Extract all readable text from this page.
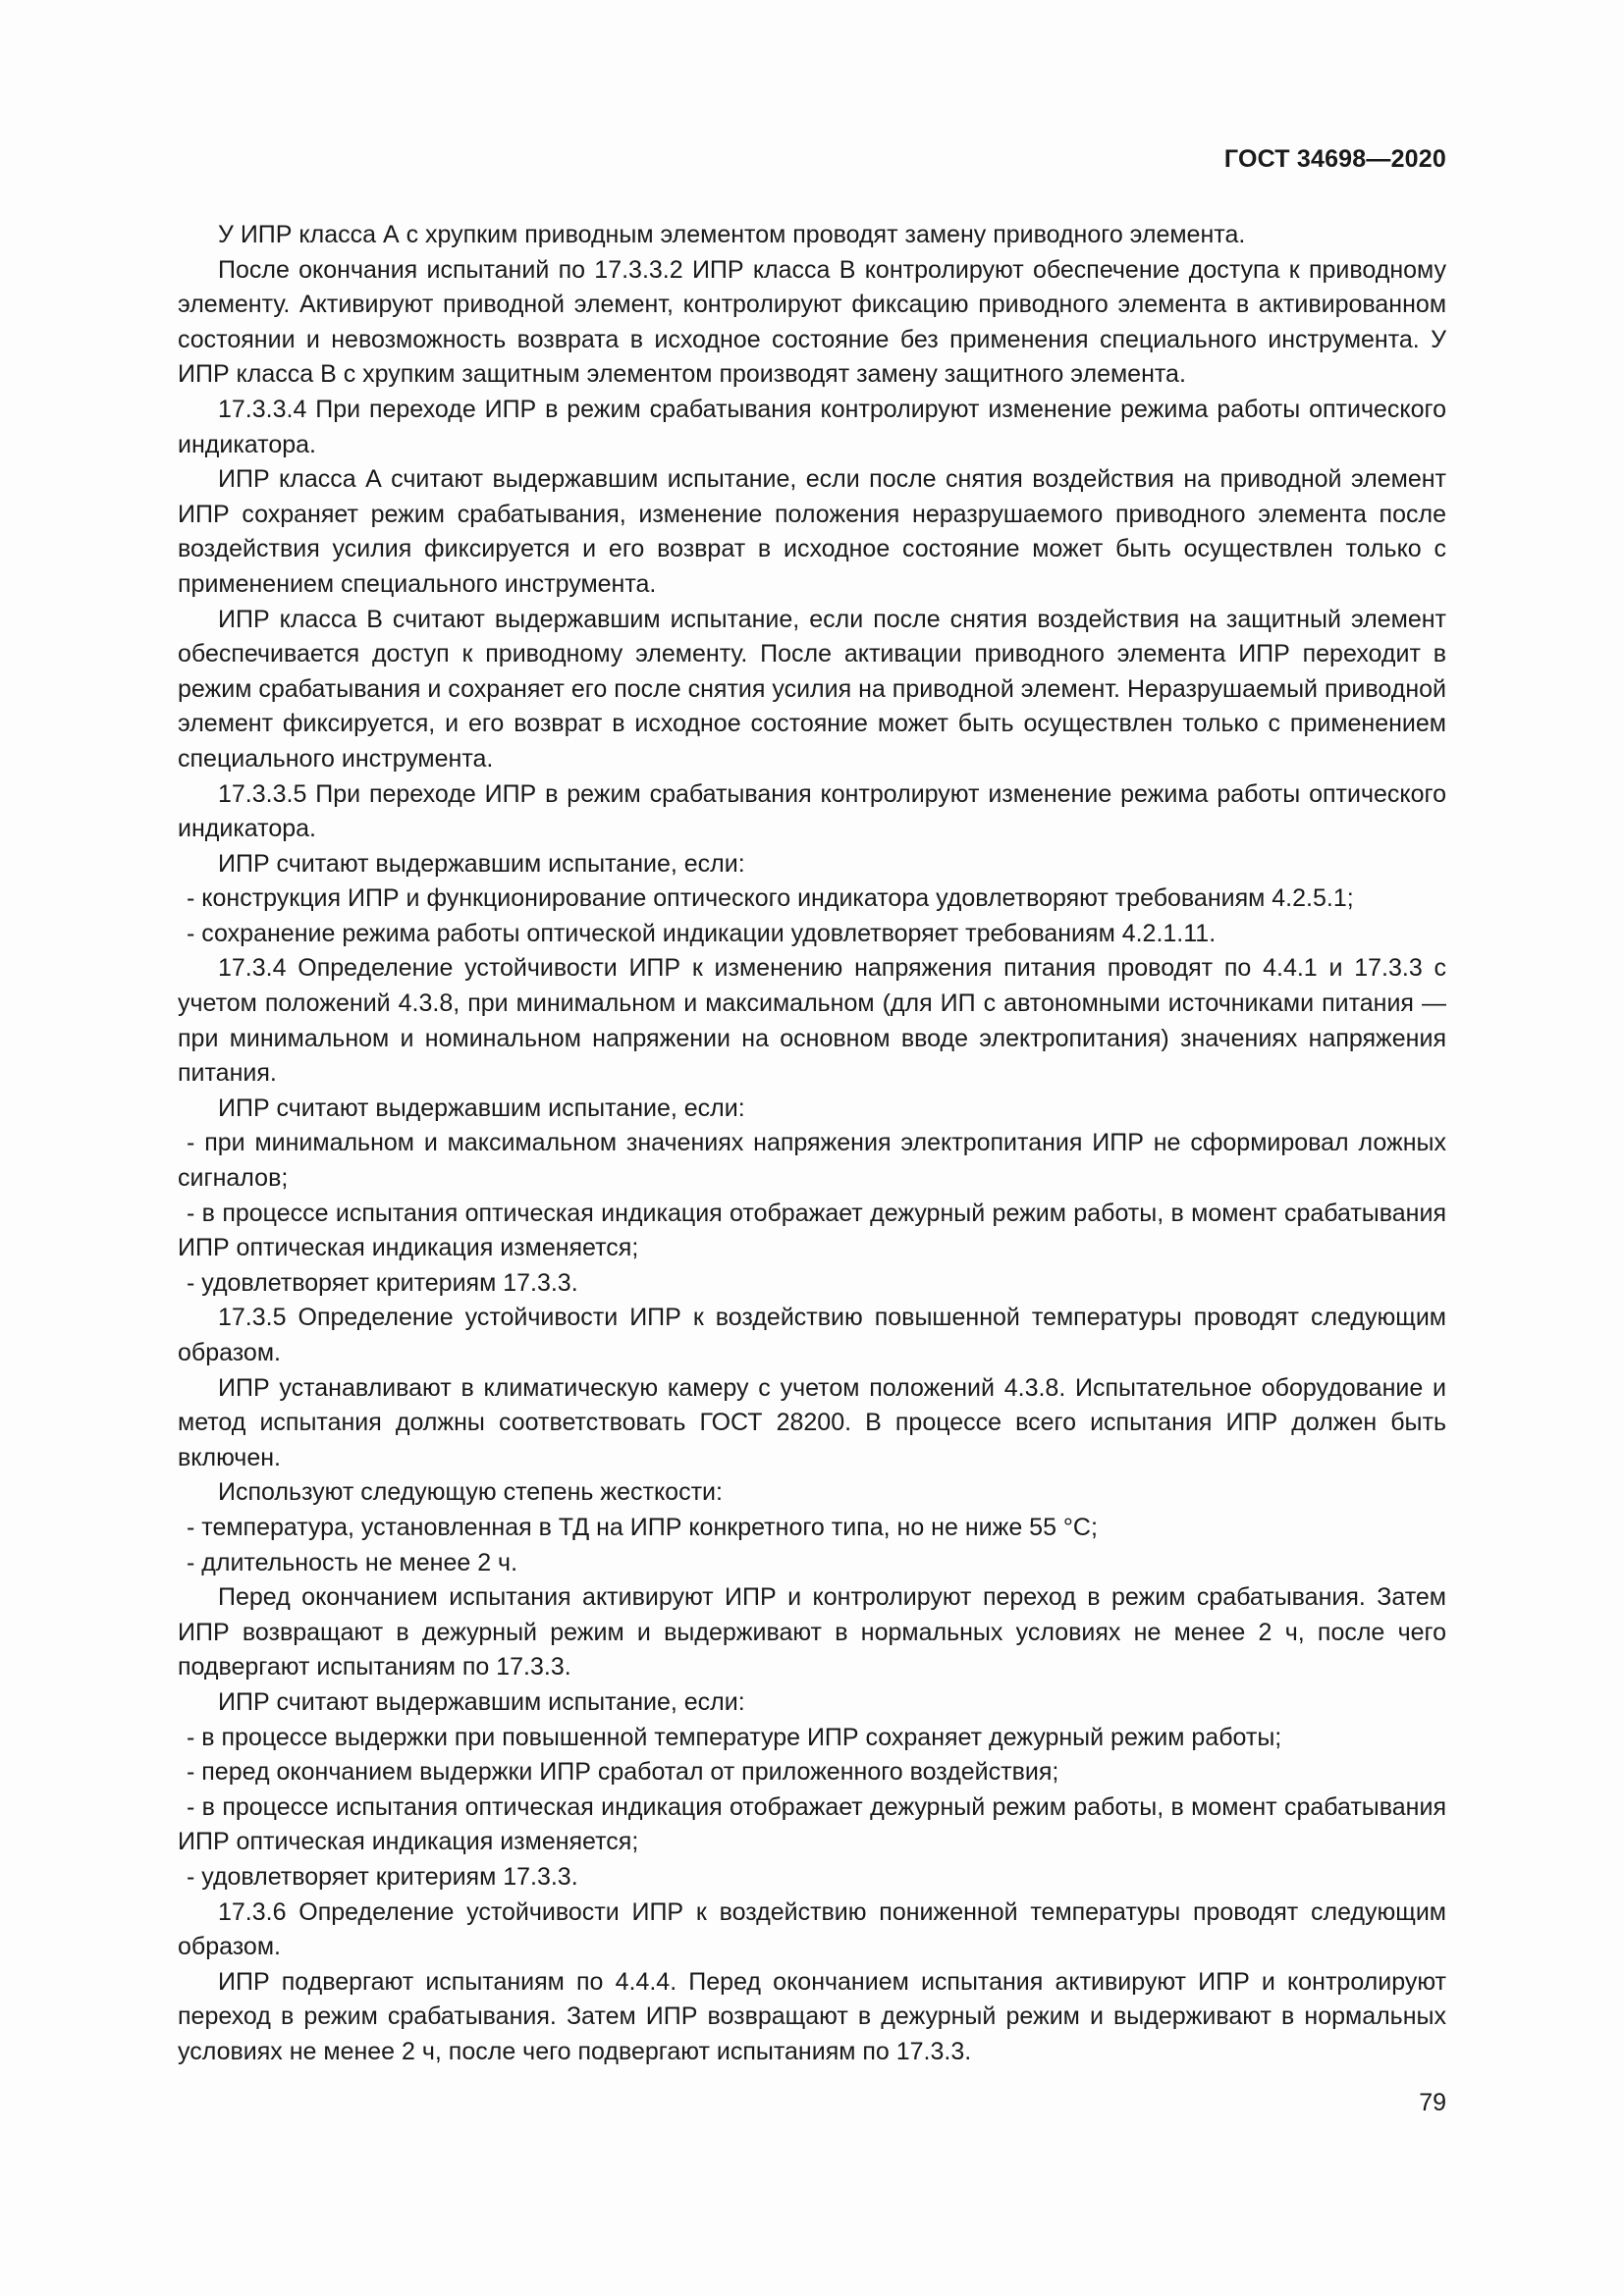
ГОСТ 34698—2020

У ИПР класса А с хрупким приводным элементом проводят замену приводного элемента.

После окончания испытаний по 17.3.3.2 ИПР класса В контролируют обеспечение доступа к приводному элементу. Активируют приводной элемент, контролируют фиксацию приводного элемента в активированном состоянии и невозможность возврата в исходное состояние без применения специального инструмента. У ИПР класса В с хрупким защитным элементом производят замену защитного элемента.

17.3.3.4 При переходе ИПР в режим срабатывания контролируют изменение режима работы оптического индикатора.

ИПР класса А считают выдержавшим испытание, если после снятия воздействия на приводной элемент ИПР сохраняет режим срабатывания, изменение положения неразрушаемого приводного элемента после воздействия усилия фиксируется и его возврат в исходное состояние может быть осуществлен только с применением специального инструмента.

ИПР класса В считают выдержавшим испытание, если после снятия воздействия на защитный элемент обеспечивается доступ к приводному элементу. После активации приводного элемента ИПР переходит в режим срабатывания и сохраняет его после снятия усилия на приводной элемент. Неразрушаемый приводной элемент фиксируется, и его возврат в исходное состояние может быть осуществлен только с применением специального инструмента.

17.3.3.5 При переходе ИПР в режим срабатывания контролируют изменение режима работы оптического индикатора.

ИПР считают выдержавшим испытание, если:

- конструкция ИПР и функционирование оптического индикатора удовлетворяют требованиям 4.2.5.1;

- сохранение режима работы оптической индикации удовлетворяет требованиям 4.2.1.11.

17.3.4 Определение устойчивости ИПР к изменению напряжения питания проводят по 4.4.1 и 17.3.3 с учетом положений 4.3.8, при минимальном и максимальном (для ИП с автономными источниками питания — при минимальном и номинальном напряжении на основном вводе электропитания) значениях напряжения питания.

ИПР считают выдержавшим испытание, если:

- при минимальном и максимальном значениях напряжения электропитания ИПР не сформировал ложных сигналов;

- в процессе испытания оптическая индикация отображает дежурный режим работы, в момент срабатывания ИПР оптическая индикация изменяется;

- удовлетворяет критериям 17.3.3.

17.3.5 Определение устойчивости ИПР к воздействию повышенной температуры проводят следующим образом.

ИПР устанавливают в климатическую камеру с учетом положений 4.3.8. Испытательное оборудование и метод испытания должны соответствовать ГОСТ 28200. В процессе всего испытания ИПР должен быть включен.

Используют следующую степень жесткости:

- температура, установленная в ТД на ИПР конкретного типа, но не ниже 55 °С;

- длительность не менее 2 ч.

Перед окончанием испытания активируют ИПР и контролируют переход в режим срабатывания. Затем ИПР возвращают в дежурный режим и выдерживают в нормальных условиях не менее 2 ч, после чего подвергают испытаниям по 17.3.3.

ИПР считают выдержавшим испытание, если:

- в процессе выдержки при повышенной температуре ИПР сохраняет дежурный режим работы;

- перед окончанием выдержки ИПР сработал от приложенного воздействия;

- в процессе испытания оптическая индикация отображает дежурный режим работы, в момент срабатывания ИПР оптическая индикация изменяется;

- удовлетворяет критериям 17.3.3.

17.3.6 Определение устойчивости ИПР к воздействию пониженной температуры проводят следующим образом.

ИПР подвергают испытаниям по 4.4.4. Перед окончанием испытания активируют ИПР и контролируют переход в режим срабатывания. Затем ИПР возвращают в дежурный режим и выдерживают в нормальных условиях не менее 2 ч, после чего подвергают испытаниям по 17.3.3.

79
